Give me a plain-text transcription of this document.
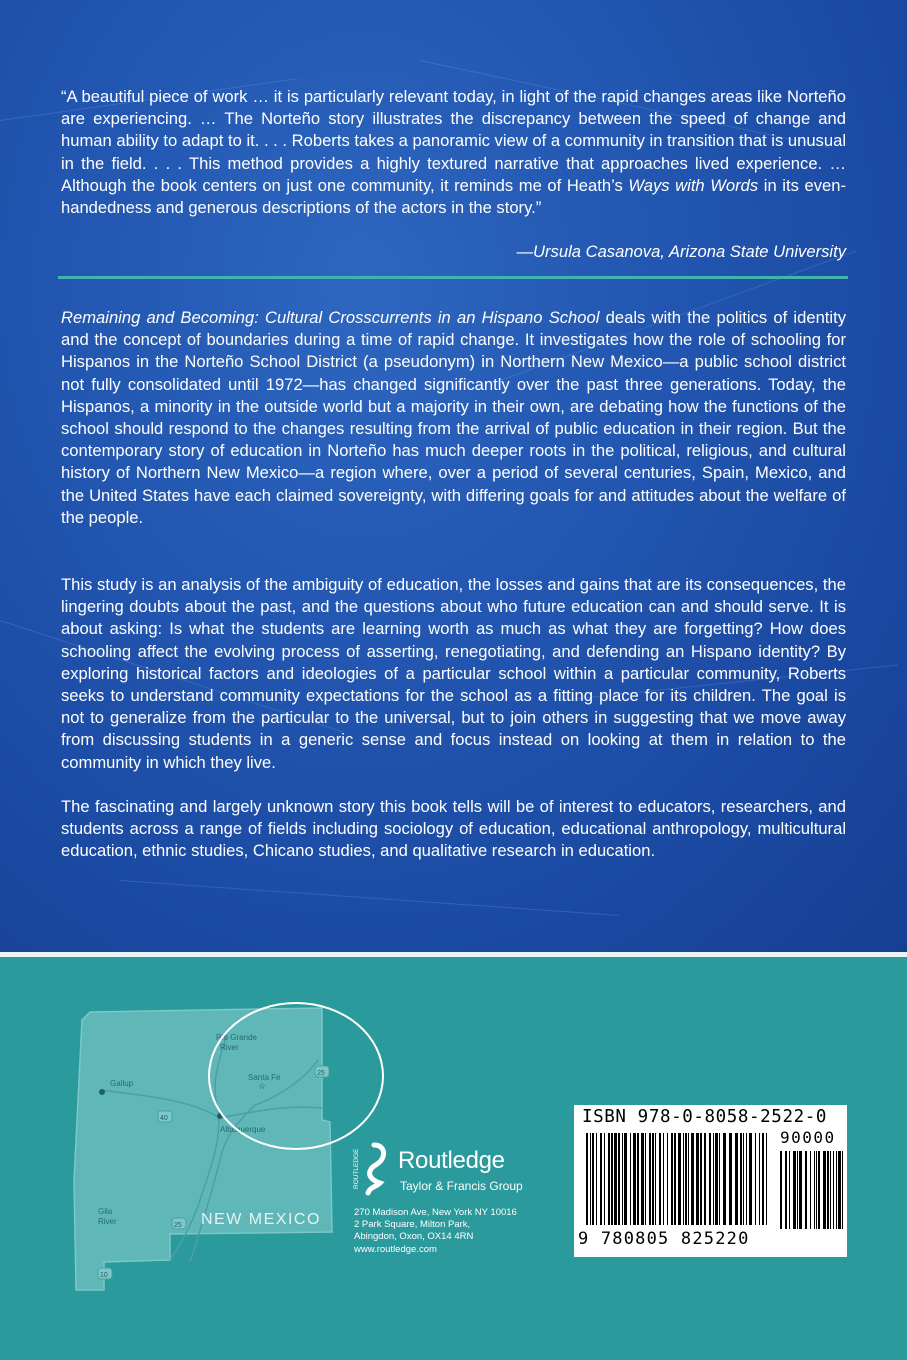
“A beautiful piece of work … it is particularly relevant today, in light of the rapid changes areas like Norteño are experiencing. … The Norteño story illustrates the discrepancy between the speed of change and human ability to adapt to it. . . . Roberts takes a panoramic view of a community in transition that is unusual in the field. . . . This method provides a highly textured narrative that approaches lived experience. … Although the book centers on just one community, it reminds me of Heath’s Ways with Words in its even-handedness and generous descriptions of the actors in the story.”

—Ursula Casanova, Arizona State University

Remaining and Becoming: Cultural Crosscurrents in an Hispano School deals with the politics of identity and the concept of boundaries during a time of rapid change. It investigates how the role of schooling for Hispanos in the Norteño School District (a pseudonym) in Northern New Mexico—a public school district not fully consolidated until 1972—has changed significantly over the past three generations. Today, the Hispanos, a minority in the outside world but a majority in their own, are debating how the functions of the school should respond to the changes resulting from the arrival of public education in their region. But the contemporary story of education in Norteño has much deeper roots in the political, religious, and cultural history of Northern New Mexico—a region where, over a period of several centuries, Spain, Mexico, and the United States have each claimed sovereignty, with differing goals for and attitudes about the welfare of the people.

This study is an analysis of the ambiguity of education, the losses and gains that are its consequences, the lingering doubts about the past, and the questions about who future education can and should serve. It is about asking: Is what the students are learning worth as much as what they are forgetting? How does schooling affect the evolving process of asserting, renegotiating, and defending an Hispano identity? By exploring historical factors and ideologies of a particular school within a particular community, Roberts seeks to understand community expectations for the school as a fitting place for its children. The goal is not to generalize from the particular to the universal, but to join others in suggesting that we move away from discussing students in a generic sense and focus instead on looking at them in relation to the community in which they live.

The fascinating and largely unknown story this book tells will be of interest to educators, researchers, and students across a range of fields including sociology of education, educational anthropology, multicultural education, ethnic studies, Chicano studies, and qualitative research in education.

☆
Rio Grande
River
Santa Fe
Gallup
Albuquerque
Gila
River
25
40
25
10
NEW MEXICO
ROUTLEDGE Routledge
Taylor & Francis Group
270 Madison Ave, New York NY 10016
2 Park Square, Milton Park,
Abingdon, Oxon, OX14 4RN
www.routledge.com
ISBN 978-0-8058-2522-0
90000
9 780805 825220
